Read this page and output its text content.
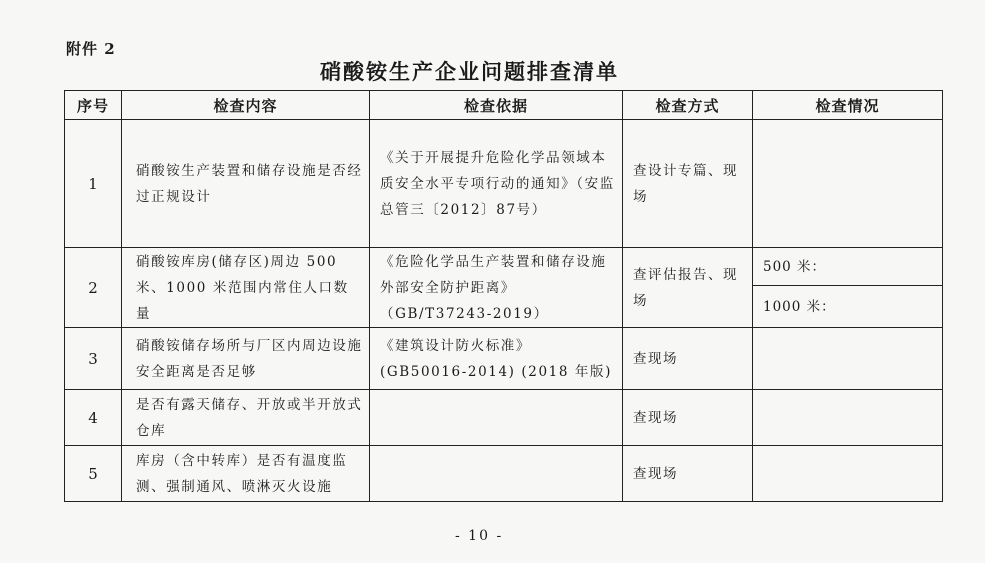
附件 2
硝酸铵生产企业问题排查清单
序号	检查内容	检查依据	检查方式	检查情况
1	硝酸铵生产装置和储存设施是否经过正规设计	《关于开展提升危险化学品领域本质安全水平专项行动的通知》（安监总管三〔2012〕87号）	查设计专篇、现场	
2	硝酸铵库房(储存区)周边 500 米、1000 米范围内常住人口数量	《危险化学品生产装置和储存设施外部安全防护距离》（GB/T37243-2019）	查评估报告、现场	500 米：
				1000 米：
3	硝酸铵储存场所与厂区内周边设施安全距离是否足够	《建筑设计防火标准》(GB50016-2014) (2018 年版)	查现场	
4	是否有露天储存、开放或半开放式仓库		查现场	
5	库房（含中转库）是否有温度监测、强制通风、喷淋灭火设施		查现场	
- 10 -
